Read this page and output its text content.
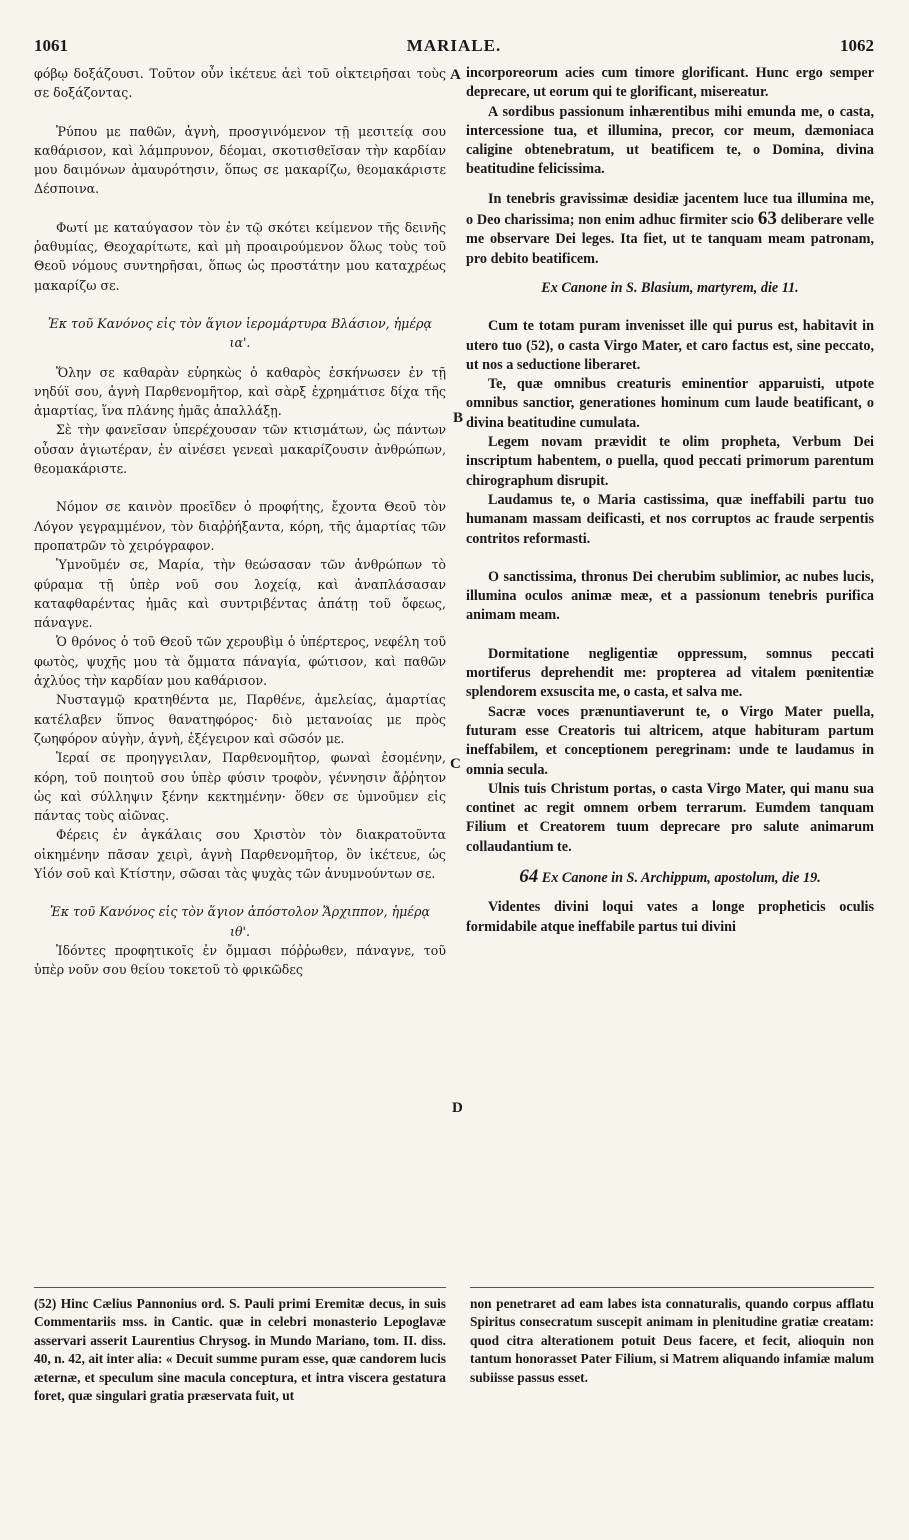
1061	MARIALE.	1062
A
B
C
D

φόβῳ δοξάζουσι. Τοῦτον οὖν ἱκέτευε ἀεὶ τοῦ οἰκτειρῆσαι τοὺς σε δοξάζοντας.

Ῥύπου με παθῶν, ἁγνὴ, προσγινόμενον τῇ μεσιτείᾳ σου καθάρισον, καὶ λάμπρυνον, δέομαι, σκοτισθεῖσαν τὴν καρδίαν μου δαιμόνων ἀμαυρότησιν, ὅπως σε μακαρίζω, θεομακάριστε Δέσποινα.

Φωτί με καταύγασον τὸν ἐν τῷ σκότει κείμενον τῆς δεινῆς ῥαθυμίας, Θεοχαρίτωτε, καὶ μὴ προαιρούμενον ὅλως τοὺς τοῦ Θεοῦ νόμους συντηρῆσαι, ὅπως ὡς προστάτην μου καταχρέως μακαρίζω σε.

Ἐκ τοῦ Κανόνος εἰς τὸν ἅγιον ἱερομάρτυρα Βλάσιον, ἡμέρᾳ ια'.

Ὅλην σε καθαρὰν εὑρηκὼς ὁ καθαρὸς ἐσκήνωσεν ἐν τῇ νηδύϊ σου, ἁγνὴ Παρθενομῆτορ, καὶ σὰρξ ἐχρημάτισε δίχα τῆς ἁμαρτίας, ἵνα πλάνης ἡμᾶς ἀπαλλάξῃ.

Σὲ τὴν φανεῖσαν ὑπερέχουσαν τῶν κτισμάτων, ὡς πάντων οὖσαν ἁγιωτέραν, ἐν αἰνέσει γενεαὶ μακαρίζουσιν ἀνθρώπων, θεομακάριστε.

Νόμον σε καινὸν προεῖδεν ὁ προφήτης, ἔχοντα Θεοῦ τὸν Λόγον γεγραμμένον, τὸν διαῤῥήξαντα, κόρη, τῆς ἁμαρτίας τῶν προπατρῶν τὸ χειρόγραφον.

Ὑμνοῦμέν σε, Μαρία, τὴν θεώσασαν τῶν ἀνθρώπων τὸ φύραμα τῇ ὑπὲρ νοῦ σου λοχείᾳ, καὶ ἀναπλάσασαν καταφθαρέντας ἡμᾶς καὶ συντριβέντας ἀπάτῃ τοῦ ὄφεως, πάναγνε.

Ὁ θρόνος ὁ τοῦ Θεοῦ τῶν χερουβὶμ ὁ ὑπέρτερος, νεφέλη τοῦ φωτὸς, ψυχῆς μου τὰ ὄμματα πάναγία, φώτισον, καὶ παθῶν ἀχλύος τὴν καρδίαν μου καθάρισον.

Νυσταγμῷ κρατηθέντα με, Παρθένε, ἀμελείας, ἁμαρτίας κατέλαβεν ὕπνος θανατηφόρος· διὸ μετανοίας με πρὸς ζωηφόρον αὐγὴν, ἁγνὴ, ἐξέγειρον καὶ σῶσόν με.

Ἱεραί σε προηγγειλαν, Παρθενομῆτορ, φωναὶ ἐσομένην, κόρη, τοῦ ποιητοῦ σου ὑπὲρ φύσιν τροφὸν, γέννησιν ἄῤῥητον ὡς καὶ σύλληψιν ξένην κεκτημένην· ὅθεν σε ὑμνοῦμεν εἰς πάντας τοὺς αἰῶνας.

Φέρεις ἐν ἀγκάλαις σου Χριστὸν τὸν διακρατοῦντα οἰκημένην πᾶσαν χειρὶ, ἁγνὴ Παρθενομῆτορ, ὃν ἱκέτευε, ὡς Υἱόν σοῦ καὶ Κτίστην, σῶσαι τὰς ψυχὰς τῶν ἀνυμνούντων σε.

Ἐκ τοῦ Κανόνος εἰς τὸν ἅγιον ἀπόστολον Ἄρχιππον, ἡμέρᾳ ιθ'.

Ἰδόντες προφητικοῖς ἐν ὄμμασι πόῤῥωθεν, πάναγνε, τοῦ ὑπὲρ νοῦν σου θείου τοκετοῦ τὸ φρικῶδες

incorporeorum acies cum timore glorificant. Hunc ergo semper deprecare, ut eorum qui te glorificant, misereatur.

A sordibus passionum inhærentibus mihi emunda me, o casta, intercessione tua, et illumina, precor, cor meum, dæmoniaca caligine obtenebratum, ut beatificem te, o Domina, divina beatitudine felicissima.

In tenebris gravissimæ desidiæ jacentem luce tua illumina me, o Deo charissima; non enim adhuc firmiter scio 63 deliberare velle me observare Dei leges. Ita fiet, ut te tanquam meam patronam, pro debito beatificem.

Ex Canone in S. Blasium, martyrem, die 11.

Cum te totam puram invenisset ille qui purus est, habitavit in utero tuo (52), o casta Virgo Mater, et caro factus est, sine peccato, ut nos a seductione liberaret.

Te, quæ omnibus creaturis eminentior apparuisti, utpote omnibus sanctior, generationes hominum cum laude beatificant, o divina beatitudine cumulata.

Legem novam prævidit te olim propheta, Verbum Dei inscriptum habentem, o puella, quod peccati primorum parentum chirographum disrupit.

Laudamus te, o Maria castissima, quæ ineffabili partu tuo humanam massam deificasti, et nos corruptos ac fraude serpentis contritos reformasti.

O sanctissima, thronus Dei cherubim sublimior, ac nubes lucis, illumina oculos animæ meæ, et a passionum tenebris purifica animam meam.

Dormitatione negligentiæ oppressum, somnus peccati mortiferus deprehendit me: propterea ad vitalem pœnitentiæ splendorem exsuscita me, o casta, et salva me.

Sacræ voces prænuntiaverunt te, o Virgo Mater puella, futuram esse Creatoris tui altricem, atque habituram partum ineffabilem, et conceptionem peregrinam: unde te laudamus in omnia secula.

Ulnis tuis Christum portas, o casta Virgo Mater, qui manu sua continet ac regit omnem orbem terrarum. Eumdem tanquam Filium et Creatorem tuum deprecare pro salute animarum collaudantium te.

64 Ex Canone in S. Archippum, apostolum, die 19.

Videntes divini loqui vates a longe propheticis oculis formidabile atque ineffabile partus tui divini

(52) Hinc Cælius Pannonius ord. S. Pauli primi Eremitæ decus, in suis Commentariis mss. in Cantic. quæ in celebri monasterio Lepoglavæ asservari asserit Laurentius Chrysog. in Mundo Mariano, tom. II. diss. 40, n. 42, ait inter alia: « Decuit summe puram esse, quæ candorem lucis æternæ, et speculum sine macula conceptura, et intra viscera gestatura foret, quæ singulari gratia præservata fuit, ut
non penetraret ad eam labes ista connaturalis, quando corpus afflatu Spiritus consecratum suscepit animam in plenitudine gratiæ creatam: quod citra alterationem potuit Deus facere, et fecit, alioquin non tantum honorasset Pater Filium, si Matrem aliquando infamiæ malum subiisse passus esset.
